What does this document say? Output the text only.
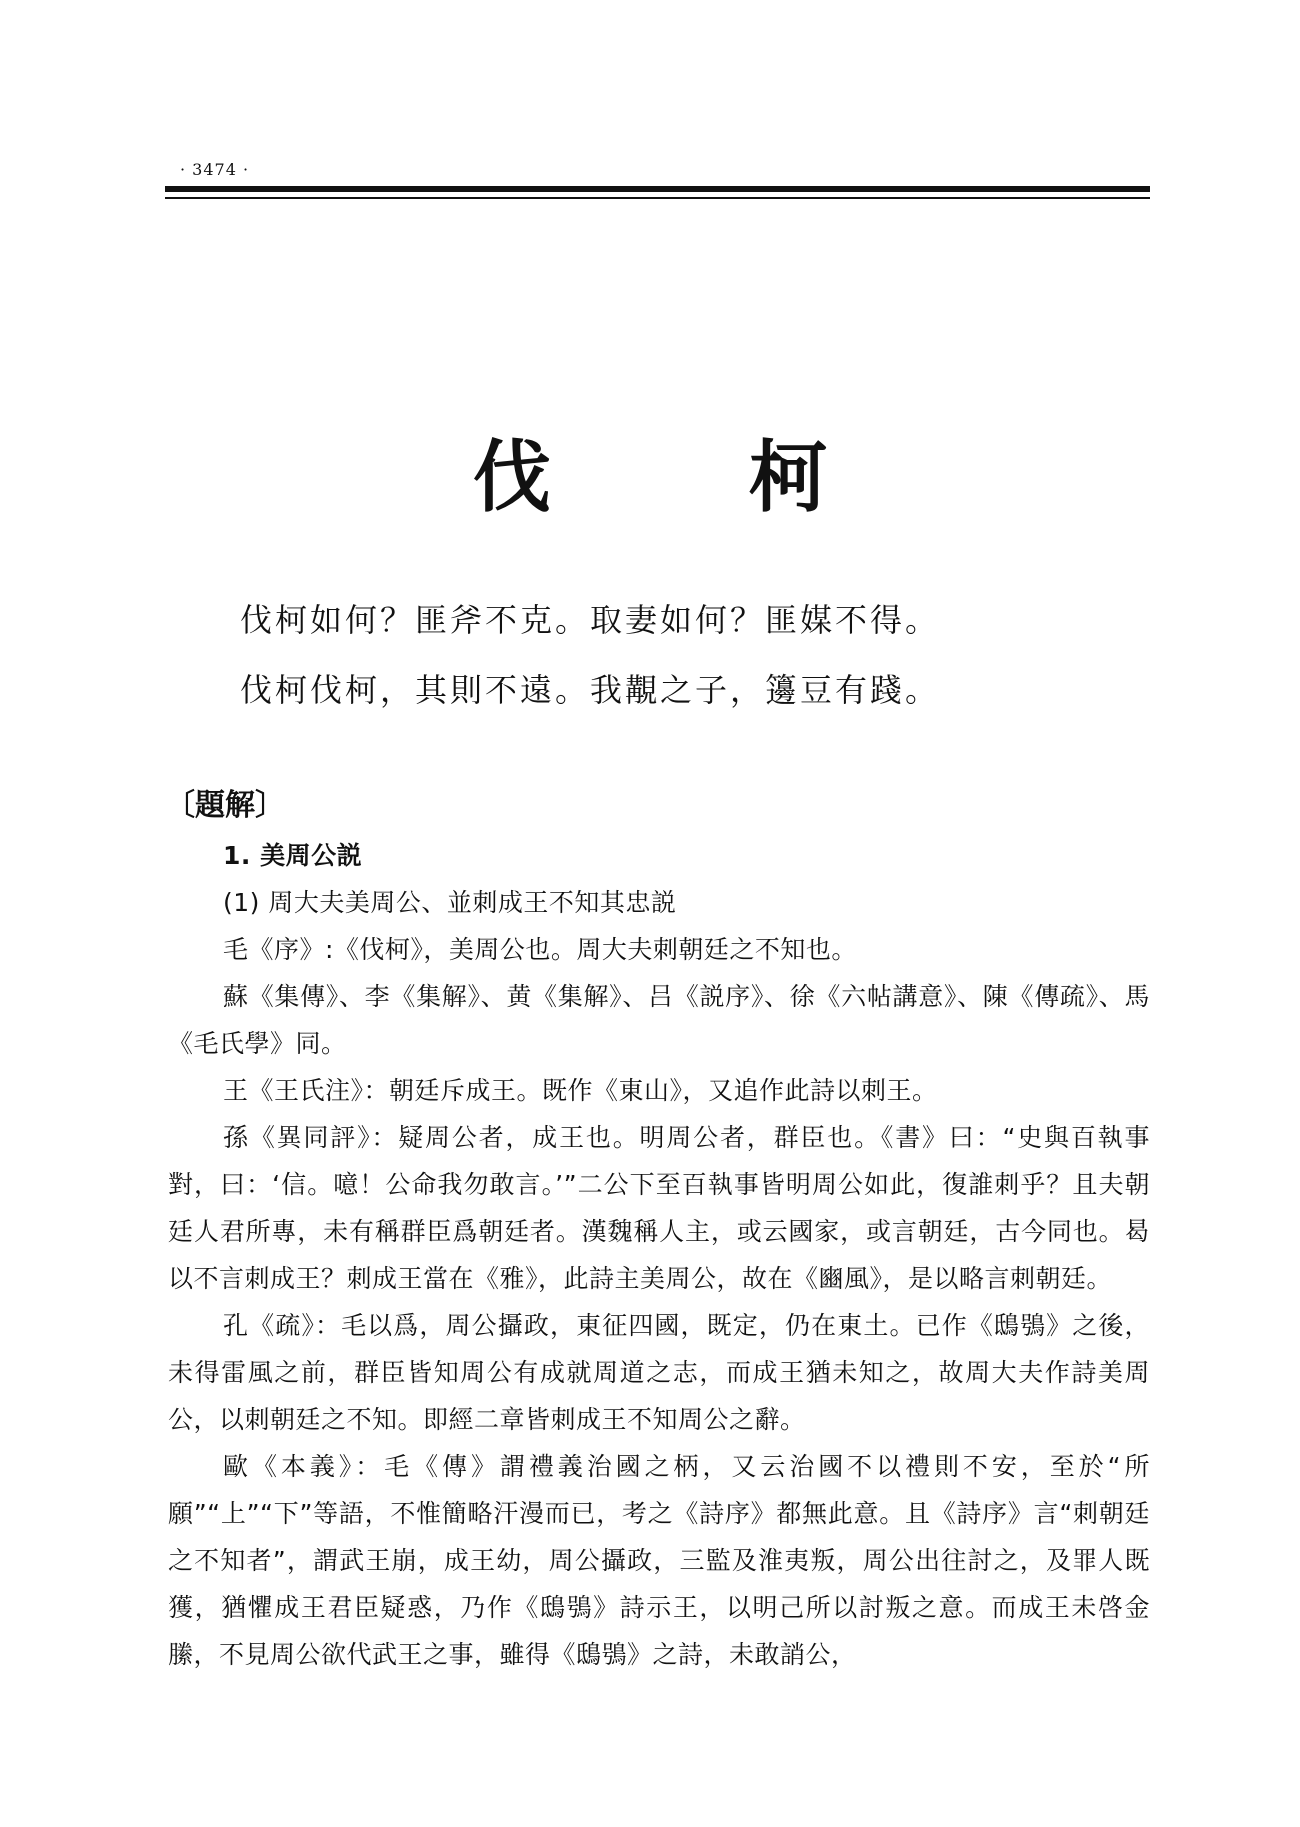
· 3474 ·
伐　柯
伐柯如何？匪斧不克。取妻如何？匪媒不得。
伐柯伐柯，其則不遠。我覯之子，籩豆有踐。
〔題解〕

1. 美周公説

(1) 周大夫美周公、並刺成王不知其忠説

毛《序》:《伐柯》，美周公也。周大夫刺朝廷之不知也。

蘇《集傳》、李《集解》、黄《集解》、吕《説序》、徐《六帖講意》、陳《傳疏》、馬《毛氏學》同。

王《王氏注》：朝廷斥成王。既作《東山》，又追作此詩以刺王。

孫《異同評》：疑周公者，成王也。明周公者，群臣也。《書》曰：“史與百執事對，曰：‘信。噫！公命我勿敢言。’”二公下至百執事皆明周公如此，復誰刺乎？且夫朝廷人君所專，未有稱群臣爲朝廷者。漢魏稱人主，或云國家，或言朝廷，古今同也。曷以不言刺成王？刺成王當在《雅》，此詩主美周公，故在《豳風》，是以略言刺朝廷。

孔《疏》：毛以爲，周公攝政，東征四國，既定，仍在東土。已作《鴟鴞》之後，未得雷風之前，群臣皆知周公有成就周道之志，而成王猶未知之，故周大夫作詩美周公，以刺朝廷之不知。即經二章皆刺成王不知周公之辭。

歐《本義》：毛《傳》謂禮義治國之柄，又云治國不以禮則不安，至於“所願”“上”“下”等語，不惟簡略汗漫而已，考之《詩序》都無此意。且《詩序》言“刺朝廷之不知者”，謂武王崩，成王幼，周公攝政，三監及淮夷叛，周公出往討之，及罪人既獲，猶懼成王君臣疑惑，乃作《鴟鴞》詩示王，以明己所以討叛之意。而成王未啓金縢，不見周公欲代武王之事，雖得《鴟鴞》之詩，未敢誚公，
